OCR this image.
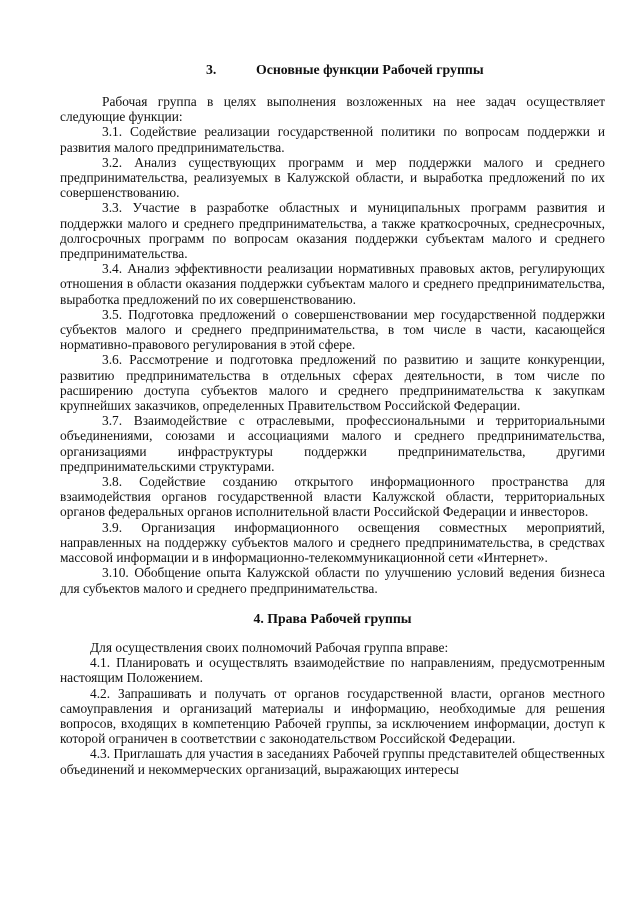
3.	Основные функции Рабочей группы

Рабочая группа в целях выполнения возложенных на нее задач осуществляет следующие функции:

3.1. Содействие реализации государственной политики по вопросам поддержки и развития малого предпринимательства.

3.2. Анализ существующих программ и мер поддержки малого и среднего предпринимательства, реализуемых в Калужской области, и выработка предложений по их совершенствованию.

3.3. Участие в разработке областных и муниципальных программ развития и поддержки малого и среднего предпринимательства, а также краткосрочных, среднесрочных, долгосрочных программ по вопросам оказания поддержки субъектам малого и среднего предпринимательства.

3.4. Анализ эффективности реализации нормативных правовых актов, регулирующих отношения в области оказания поддержки субъектам малого и среднего предпринимательства, выработка предложений по их совершенствованию.

3.5. Подготовка предложений о совершенствовании мер государственной поддержки субъектов малого и среднего предпринимательства, в том числе в части, касающейся нормативно-правового регулирования в этой сфере.

3.6. Рассмотрение и подготовка предложений по развитию и защите конкуренции, развитию предпринимательства в отдельных сферах деятельности, в том числе по расширению доступа субъектов малого и среднего предпринимательства к закупкам крупнейших заказчиков, определенных Правительством Российской Федерации.

3.7. Взаимодействие с отраслевыми, профессиональными и территориальными объединениями, союзами и ассоциациями малого и среднего предпринимательства, организациями инфраструктуры поддержки предпринимательства, другими предпринимательскими структурами.

3.8. Содействие созданию открытого информационного пространства для взаимодействия органов государственной власти Калужской области, территориальных органов федеральных органов исполнительной власти Российской Федерации и инвесторов.

3.9. Организация информационного освещения совместных мероприятий, направленных на поддержку субъектов малого и среднего предпринимательства, в средствах массовой информации и в информационно-телекоммуникационной сети «Интернет».

3.10. Обобщение опыта Калужской области по улучшению условий ведения бизнеса для субъектов малого и среднего предпринимательства.

4. Права Рабочей группы

Для осуществления своих полномочий Рабочая группа вправе:

4.1. Планировать и осуществлять взаимодействие по направлениям, предусмотренным настоящим Положением.

4.2. Запрашивать и получать от органов государственной власти, органов местного самоуправления и организаций материалы и информацию, необходимые для решения вопросов, входящих в компетенцию Рабочей группы, за исключением информации, доступ к которой ограничен в соответствии с законодательством Российской Федерации.

4.3. Приглашать для участия в заседаниях Рабочей группы представителей общественных объединений и некоммерческих организаций, выражающих интересы
